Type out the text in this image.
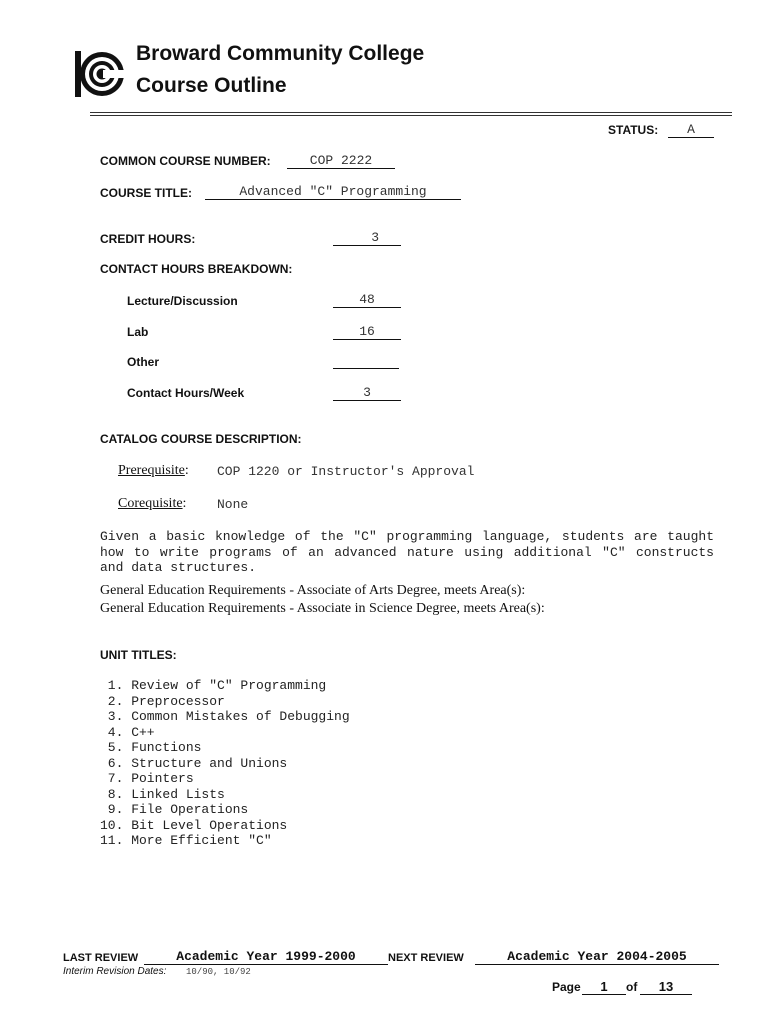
Broward Community College
Course Outline
STATUS:	A
COMMON COURSE NUMBER:	COP 2222
COURSE TITLE:	Advanced "C" Programming
CREDIT HOURS:	3
CONTACT HOURS BREAKDOWN:
Lecture/Discussion	48
Lab	16
Other
Contact Hours/Week	3
CATALOG COURSE DESCRIPTION:
Prerequisite: COP 1220 or Instructor's Approval
Corequisite: None
Given a basic knowledge of the "C" programming language, students are taught how to write programs of an advanced nature using additional "C" constructs and data structures.
General Education Requirements - Associate of Arts Degree, meets Area(s):
General Education Requirements - Associate in Science Degree, meets Area(s):
UNIT TITLES:
1. Review of "C" Programming
2. Preprocessor
3. Common Mistakes of Debugging
4. C++
5. Functions
6. Structure and Unions
7. Pointers
8. Linked Lists
9. File Operations
10. Bit Level Operations
11. More Efficient "C"
LAST REVIEW	Academic Year 1999-2000	NEXT REVIEW	Academic Year 2004-2005
Interim Revision Dates: 10/90, 10/92
Page	1	of	13
